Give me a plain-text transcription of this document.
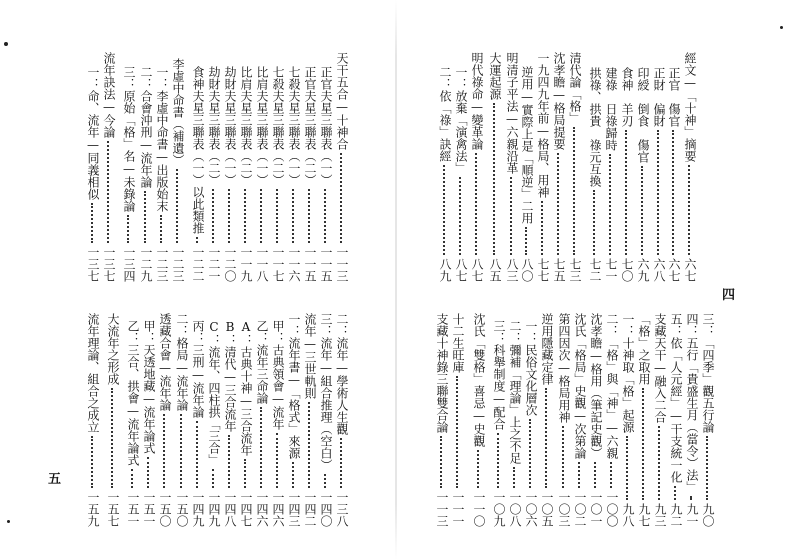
經文—「十神」摘要
六七
正官　傷官
六七
正財　偏財
六八
印綬　倒食　傷官
六九
食神　羊刃
七〇
建祿　日祿歸時
七一
拱祿、拱貴　祿元互換
七二
清代論「格」
七三
沈孝瞻—格局提要
七五
一九四九年前—格局、用神
七七
逆用—實際上是「順逆」二用
八〇
明清子平法—六親沿革
八三
大運起源
八五
明代祿命—變革論
八七
一：放棄「演禽法」
八七
二：依「祿」訣經
八九
三：「四季」觀五行論
九〇
四：五行「貴盛生月（當令）法」
九一
五：依「人元經」—干支統一化
九二
支藏天干—融入二合
九三
「格」之取用
九七
一：十神取「格」起源
九八
二：「格」與「神」—六親
一〇〇
沈孝瞻—格用（筆記史觀）
一〇一
沈氏「格局」史觀—次第論
一〇二
第四因次—格局用神
一〇三
逆用隱藏定律
一〇五
一：民俗文化層次
一〇六
二：彌補「理論」上之不足
一〇八
三：科舉制度—配合
一〇九
沈氏「雙格」喜忌—史觀
一一〇
十二生旺庫
一一一
支藏十神錄三聯雙合論
一一三
天干五合—十神合
一一三
正官夫星三聯表（一）
一一五
正官夫星三聯表（二）
一一五
七殺夫星三聯表（一）
一一六
七殺夫星三聯表（二）
一一七
比肩夫星三聯表（一）
一一八
比肩夫星三聯表（二）
一一九
劫財夫星三聯表（一）
一二〇
劫財夫星三聯表（二）
一二一
食神夫星三聯表（一）以此類推
一二二
李虛中命書（補遺）
一二三
一：李虛中命書—出版始末
一二三
二：合會沖刑—流年論
一二九
三：原始「格」名—未錄論
一三四
流年訣法—今論
一三七
一：命、流年—同義相似
一三七
二：流年—學術人生觀
一三八
三：流年—組合推理（空白）
一四〇
流年—三世軌則
一四二
一：流年書—「格式」來源
一四三
甲：古典領會—流年
一四六
乙：流年三命論
一四六
A：古典十神—三合流年
一四七
B：清代—三合流年
一四八
C：流年、四柱拱「三合」
一四九
丙：三刑—流年論
一四九
二：格局—流年論
一五〇
透藏合會—流年論
一五〇
甲：天透地藏—流年論式
一五一
乙：三合、拱會—流年論式
一五一
大流年之形成
一五七
流年理論、組合之成立
一五九
四
五
